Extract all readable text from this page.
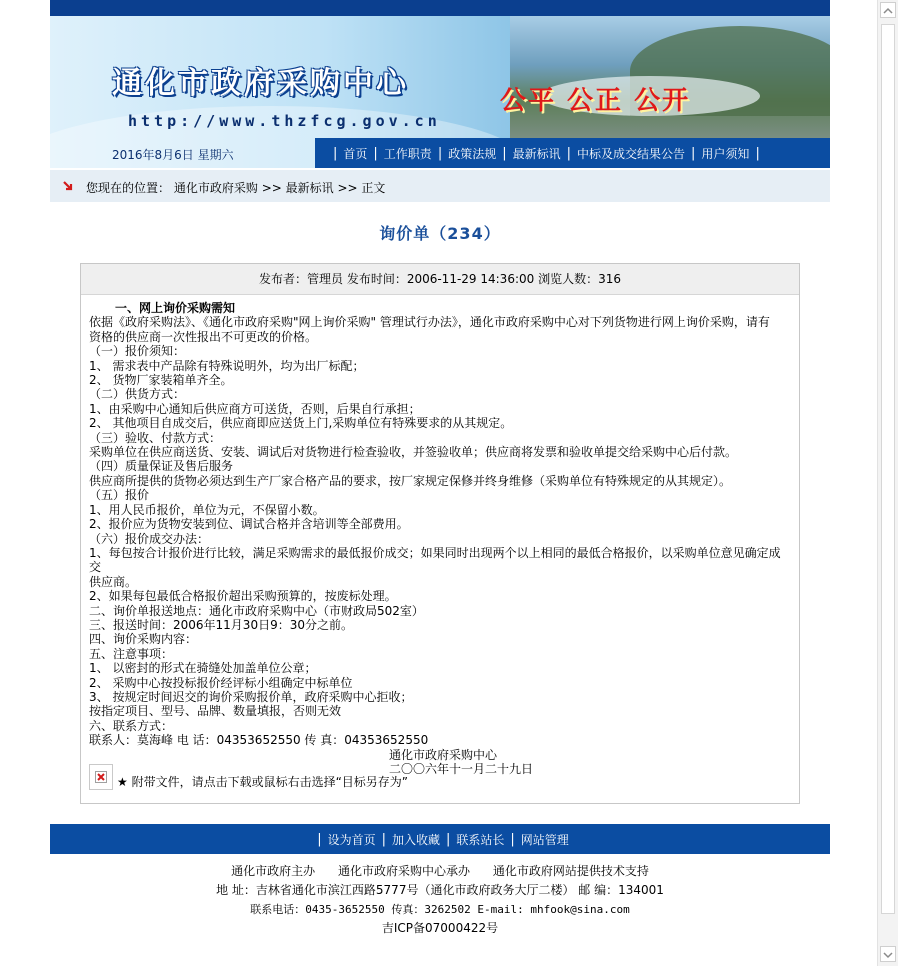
通化市政府采购中心
http://www.thzfcg.gov.cn
公平 公正 公开
2016年8月6日 星期六	| 首页 | 工作职责 | 政策法规 | 最新标讯 | 中标及成交结果公告 | 用户须知 |
您现在的位置： 通化市政府采购 >> 最新标讯 >> 正文
询价单（234）
发布者：管理员 发布时间：2006-11-29 14:36:00 浏览人数：316
一、网上询价采购需知
依据《政府采购法》、《通化市政府采购"网上询价采购" 管理试行办法》，通化市政府采购中心对下列货物进行网上询价采购，请有
资格的供应商一次性报出不可更改的价格。
（一）报价须知：
1、 需求表中产品除有特殊说明外，均为出厂标配；
2、 货物厂家装箱单齐全。
（二）供货方式：
1、由采购中心通知后供应商方可送货，否则，后果自行承担；
2、 其他项目自成交后，供应商即应送货上门,采购单位有特殊要求的从其规定。
（三）验收、付款方式：
采购单位在供应商送货、安装、调试后对货物进行检查验收，并签验收单；供应商将发票和验收单提交给采购中心后付款。
（四）质量保证及售后服务
供应商所提供的货物必须达到生产厂家合格产品的要求，按厂家规定保修并终身维修（采购单位有特殊规定的从其规定）。
（五）报价
1、用人民币报价，单位为元，不保留小数。
2、报价应为货物安装到位、调试合格并含培训等全部费用。
（六）报价成交办法：
1、每包按合计报价进行比较，满足采购需求的最低报价成交；如果同时出现两个以上相同的最低合格报价，以采购单位意见确定成交
供应商。
2、如果每包最低合格报价超出采购预算的，按废标处理。
二、询价单报送地点：通化市政府采购中心（市财政局502室）
三、报送时间：2006年11月30日9：30分之前。
四、询价采购内容：
五、注意事项：
1、 以密封的形式在骑缝处加盖单位公章；
2、 采购中心按投标报价经评标小组确定中标单位
3、 按规定时间迟交的询价采购报价单，政府采购中心拒收；
按指定项目、型号、品牌、数量填报，否则无效
六、联系方式：
联系人：莫海峰 电 话：04353652550 传 真：04353652550
通化市政府采购中心
二〇〇六年十一月二十九日
★ 附带文件，请点击下载或鼠标右击选择“目标另存为”
| 设为首页 | 加入收藏 | 联系站长 | 网站管理
通化市政府主办      通化市政府采购中心承办      通化市政府网站提供技术支持
地 址：吉林省通化市滨江西路5777号（通化市政府政务大厅二楼） 邮 编：134001
联系电话：0435-3652550 传真：3262502 E-mail: mhfook@sina.com
吉ICP备07000422号
